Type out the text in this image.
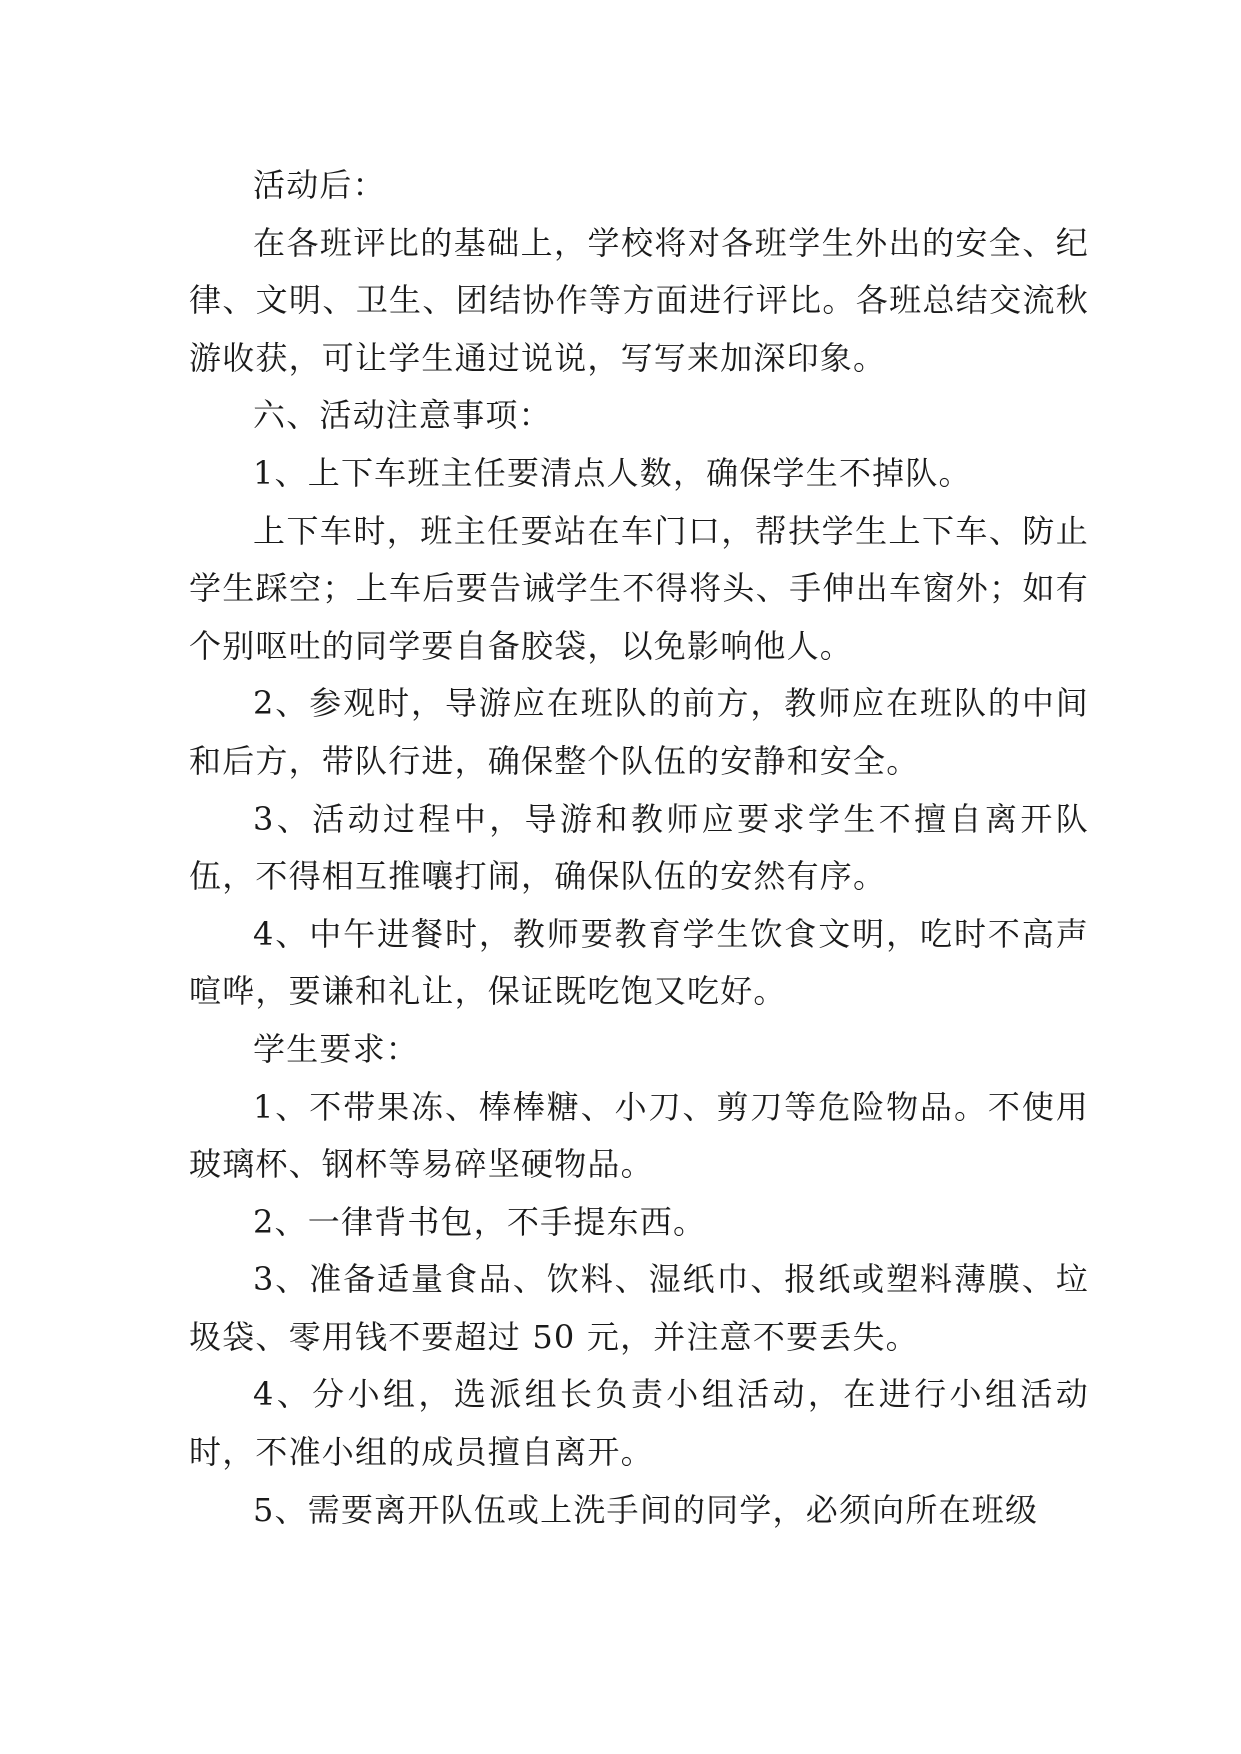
活动后：

在各班评比的基础上，学校将对各班学生外出的安全、纪律、文明、卫生、团结协作等方面进行评比。各班总结交流秋游收获，可让学生通过说说，写写来加深印象。

六、活动注意事项：

1、上下车班主任要清点人数，确保学生不掉队。

上下车时，班主任要站在车门口，帮扶学生上下车、防止学生踩空；上车后要告诫学生不得将头、手伸出车窗外；如有个别呕吐的同学要自备胶袋，以免影响他人。

2、参观时，导游应在班队的前方，教师应在班队的中间和后方，带队行进，确保整个队伍的安静和安全。

3、活动过程中，导游和教师应要求学生不擅自离开队伍，不得相互推嚷打闹，确保队伍的安然有序。

4、中午进餐时，教师要教育学生饮食文明，吃时不高声喧哗，要谦和礼让，保证既吃饱又吃好。

学生要求：

1、不带果冻、棒棒糖、小刀、剪刀等危险物品。不使用玻璃杯、钢杯等易碎坚硬物品。

2、一律背书包，不手提东西。

3、准备适量食品、饮料、湿纸巾、报纸或塑料薄膜、垃圾袋、零用钱不要超过 50 元，并注意不要丢失。

4、分小组，选派组长负责小组活动，在进行小组活动时，不准小组的成员擅自离开。

5、需要离开队伍或上洗手间的同学，必须向所在班级
